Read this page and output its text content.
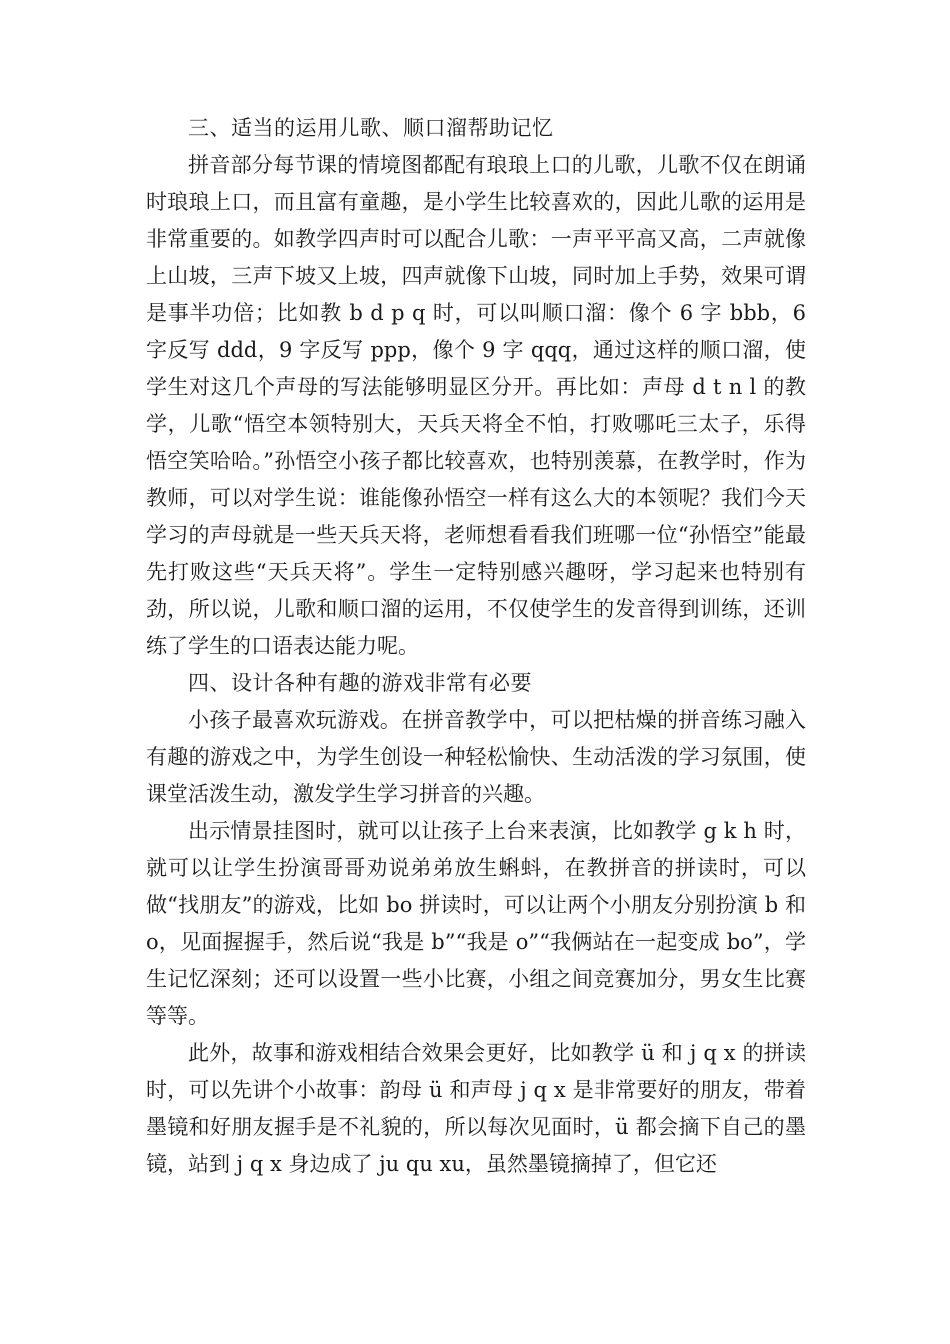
三、适当的运用儿歌、顺口溜帮助记忆

拼音部分每节课的情境图都配有琅琅上口的儿歌，儿歌不仅在朗诵时琅琅上口，而且富有童趣，是小学生比较喜欢的，因此儿歌的运用是非常重要的。如教学四声时可以配合儿歌：一声平平高又高，二声就像上山坡，三声下坡又上坡，四声就像下山坡，同时加上手势，效果可谓是事半功倍；比如教 b d p q 时，可以叫顺口溜：像个 6 字 bbb，6 字反写 ddd，9 字反写 ppp，像个 9 字 qqq，通过这样的顺口溜，使学生对这几个声母的写法能够明显区分开。再比如：声母 d t n l 的教学，儿歌“悟空本领特别大，天兵天将全不怕，打败哪吒三太子，乐得悟空笑哈哈。”孙悟空小孩子都比较喜欢，也特别羡慕，在教学时，作为教师，可以对学生说：谁能像孙悟空一样有这么大的本领呢？我们今天学习的声母就是一些天兵天将，老师想看看我们班哪一位“孙悟空”能最先打败这些“天兵天将”。学生一定特别感兴趣呀，学习起来也特别有劲，所以说，儿歌和顺口溜的运用，不仅使学生的发音得到训练，还训练了学生的口语表达能力呢。

四、设计各种有趣的游戏非常有必要

小孩子最喜欢玩游戏。在拼音教学中，可以把枯燥的拼音练习融入有趣的游戏之中，为学生创设一种轻松愉快、生动活泼的学习氛围，使课堂活泼生动，激发学生学习拼音的兴趣。

出示情景挂图时，就可以让孩子上台来表演，比如教学 g k h 时，就可以让学生扮演哥哥劝说弟弟放生蝌蚪，在教拼音的拼读时，可以做“找朋友”的游戏，比如 bo 拼读时，可以让两个小朋友分别扮演 b 和 o，见面握握手，然后说“我是 b”“我是 o”“我俩站在一起变成 bo”，学生记忆深刻；还可以设置一些小比赛，小组之间竞赛加分，男女生比赛等等。

此外，故事和游戏相结合效果会更好，比如教学 ü 和 j q x 的拼读时，可以先讲个小故事：韵母 ü 和声母 j q x 是非常要好的朋友，带着墨镜和好朋友握手是不礼貌的，所以每次见面时，ü 都会摘下自己的墨镜，站到 j q x 身边成了 ju qu xu，虽然墨镜摘掉了，但它还
